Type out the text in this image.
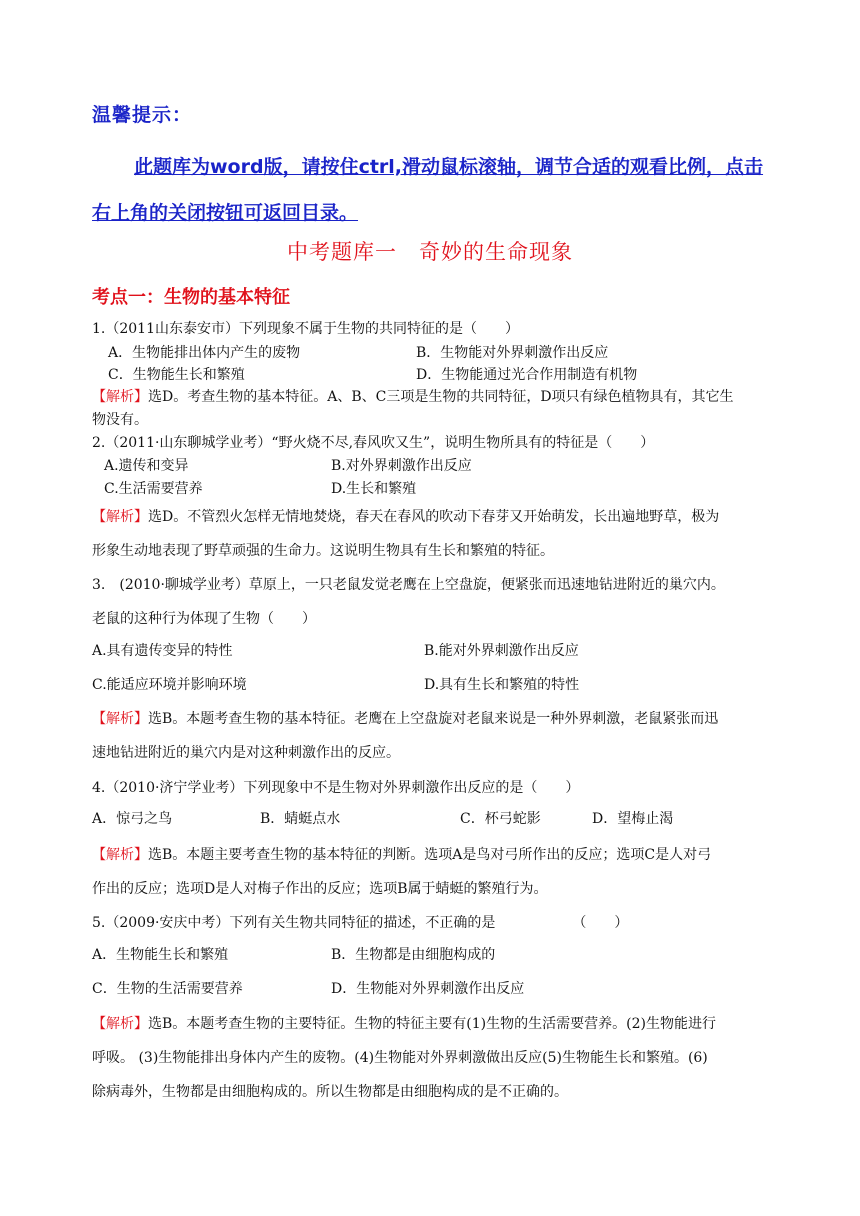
温馨提示：
此题库为word版，请按住ctrl,滑动鼠标滚轴，调节合适的观看比例，点击右上角的关闭按钮可返回目录。
中考题库一　奇妙的生命现象
考点一：生物的基本特征
1.（2011山东泰安市）下列现象不属于生物的共同特征的是（　　）
A．生物能排出体内产生的废物	B．生物能对外界刺激作出反应
C．生物能生长和繁殖	D．生物能通过光合作用制造有机物
【解析】选D。考查生物的基本特征。A、B、C三项是生物的共同特征，D项只有绿色植物具有，其它生
物没有。
2.（2011·山东聊城学业考）“野火烧不尽,春风吹又生”，说明生物所具有的特征是（　　）
A.遗传和变异	B.对外界刺激作出反应
C.生活需要营养	D.生长和繁殖
【解析】选D。不管烈火怎样无情地焚烧，春天在春风的吹动下春芽又开始萌发，长出遍地野草，极为
形象生动地表现了野草顽强的生命力。这说明生物具有生长和繁殖的特征。
3.　(2010·聊城学业考）草原上，一只老鼠发觉老鹰在上空盘旋，便紧张而迅速地钻进附近的巢穴内。
老鼠的这种行为体现了生物（　　）
A.具有遗传变异的特性	B.能对外界刺激作出反应
C.能适应环境并影响环境	D.具有生长和繁殖的特性
【解析】选B。本题考查生物的基本特征。老鹰在上空盘旋对老鼠来说是一种外界刺激，老鼠紧张而迅
速地钻进附近的巢穴内是对这种刺激作出的反应。
4.（2010·济宁学业考）下列现象中不是生物对外界刺激作出反应的是（　　）
A．惊弓之鸟	B．蜻蜓点水	C．杯弓蛇影	D．望梅止渴
【解析】选B。本题主要考查生物的基本特征的判断。选项A是鸟对弓所作出的反应；选项C是人对弓
作出的反应；选项D是人对梅子作出的反应；选项B属于蜻蜓的繁殖行为。
5.（2009·安庆中考）下列有关生物共同特征的描述，不正确的是　　　　　　（　　）
A．生物能生长和繁殖	B．生物都是由细胞构成的
C．生物的生活需要营养	D．生物能对外界刺激作出反应
【解析】选B。本题考查生物的主要特征。生物的特征主要有(1)生物的生活需要营养。(2)生物能进行
呼吸。 (3)生物能排出身体内产生的废物。(4)生物能对外界刺激做出反应(5)生物能生长和繁殖。(6)
除病毒外，生物都是由细胞构成的。所以生物都是由细胞构成的是不正确的。
